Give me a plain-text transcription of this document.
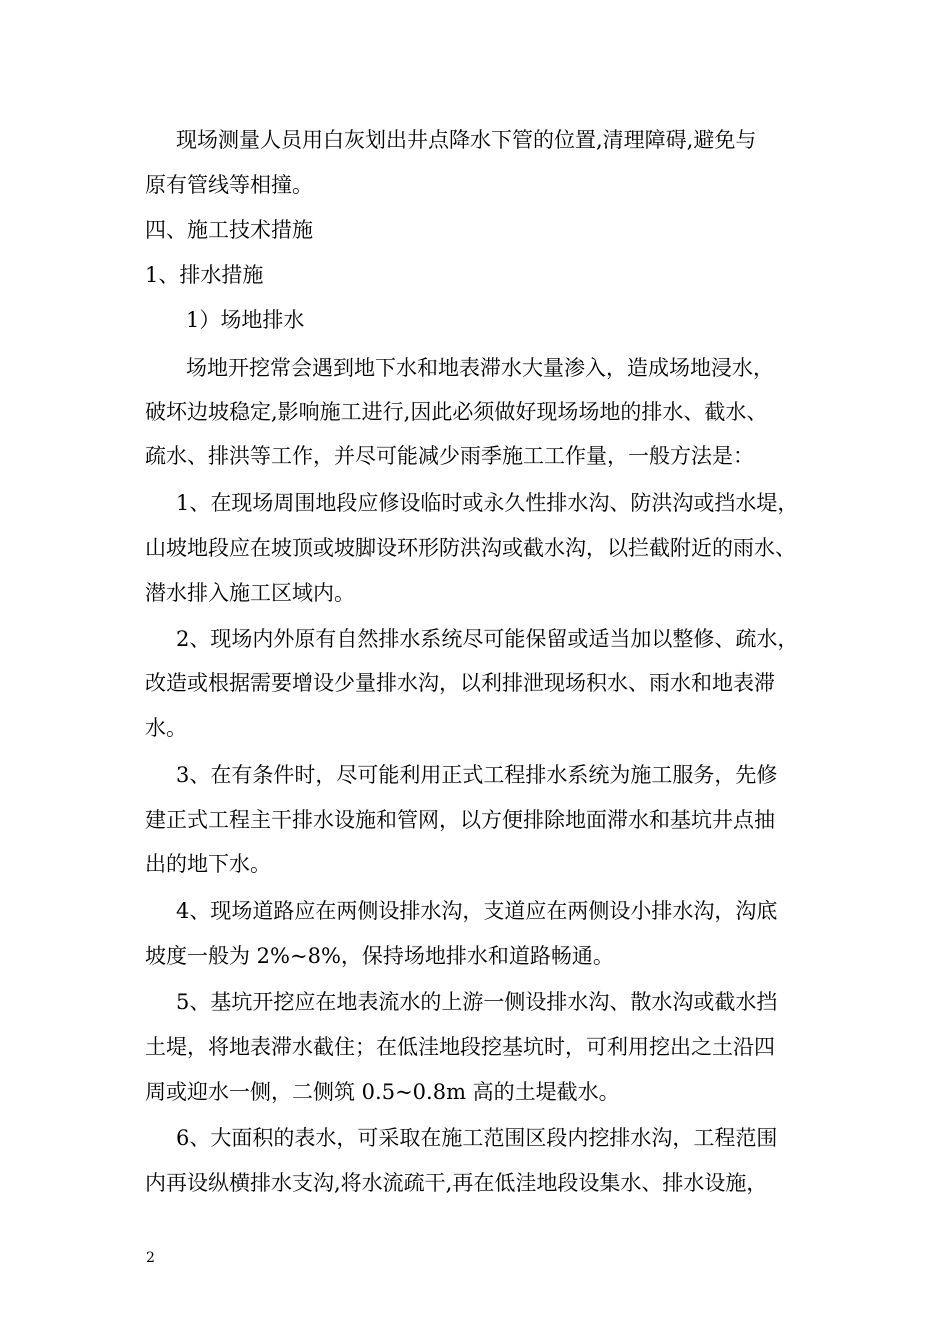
现场测量人员用白灰划出井点降水下管的位置,清理障碍,避免与
原有管线等相撞。
四、施工技术措施
1、排水措施
1）场地排水
场地开挖常会遇到地下水和地表滞水大量渗入，造成场地浸水，
破坏边坡稳定,影响施工进行,因此必须做好现场场地的排水、截水、
疏水、排洪等工作，并尽可能减少雨季施工工作量，一般方法是：
1、在现场周围地段应修设临时或永久性排水沟、防洪沟或挡水堤，
山坡地段应在坡顶或坡脚设环形防洪沟或截水沟，以拦截附近的雨水、
潜水排入施工区域内。
2、现场内外原有自然排水系统尽可能保留或适当加以整修、疏水，
改造或根据需要增设少量排水沟，以利排泄现场积水、雨水和地表滞
水。
3、在有条件时，尽可能利用正式工程排水系统为施工服务，先修
建正式工程主干排水设施和管网，以方便排除地面滞水和基坑井点抽
出的地下水。
4、现场道路应在两侧设排水沟，支道应在两侧设小排水沟，沟底
坡度一般为 2%~8%，保持场地排水和道路畅通。
5、基坑开挖应在地表流水的上游一侧设排水沟、散水沟或截水挡
土堤，将地表滞水截住；在低洼地段挖基坑时，可利用挖出之土沿四
周或迎水一侧，二侧筑 0.5~0.8m 高的土堤截水。
6、大面积的表水，可采取在施工范围区段内挖排水沟，工程范围
内再设纵横排水支沟,将水流疏干,再在低洼地段设集水、排水设施，
2
